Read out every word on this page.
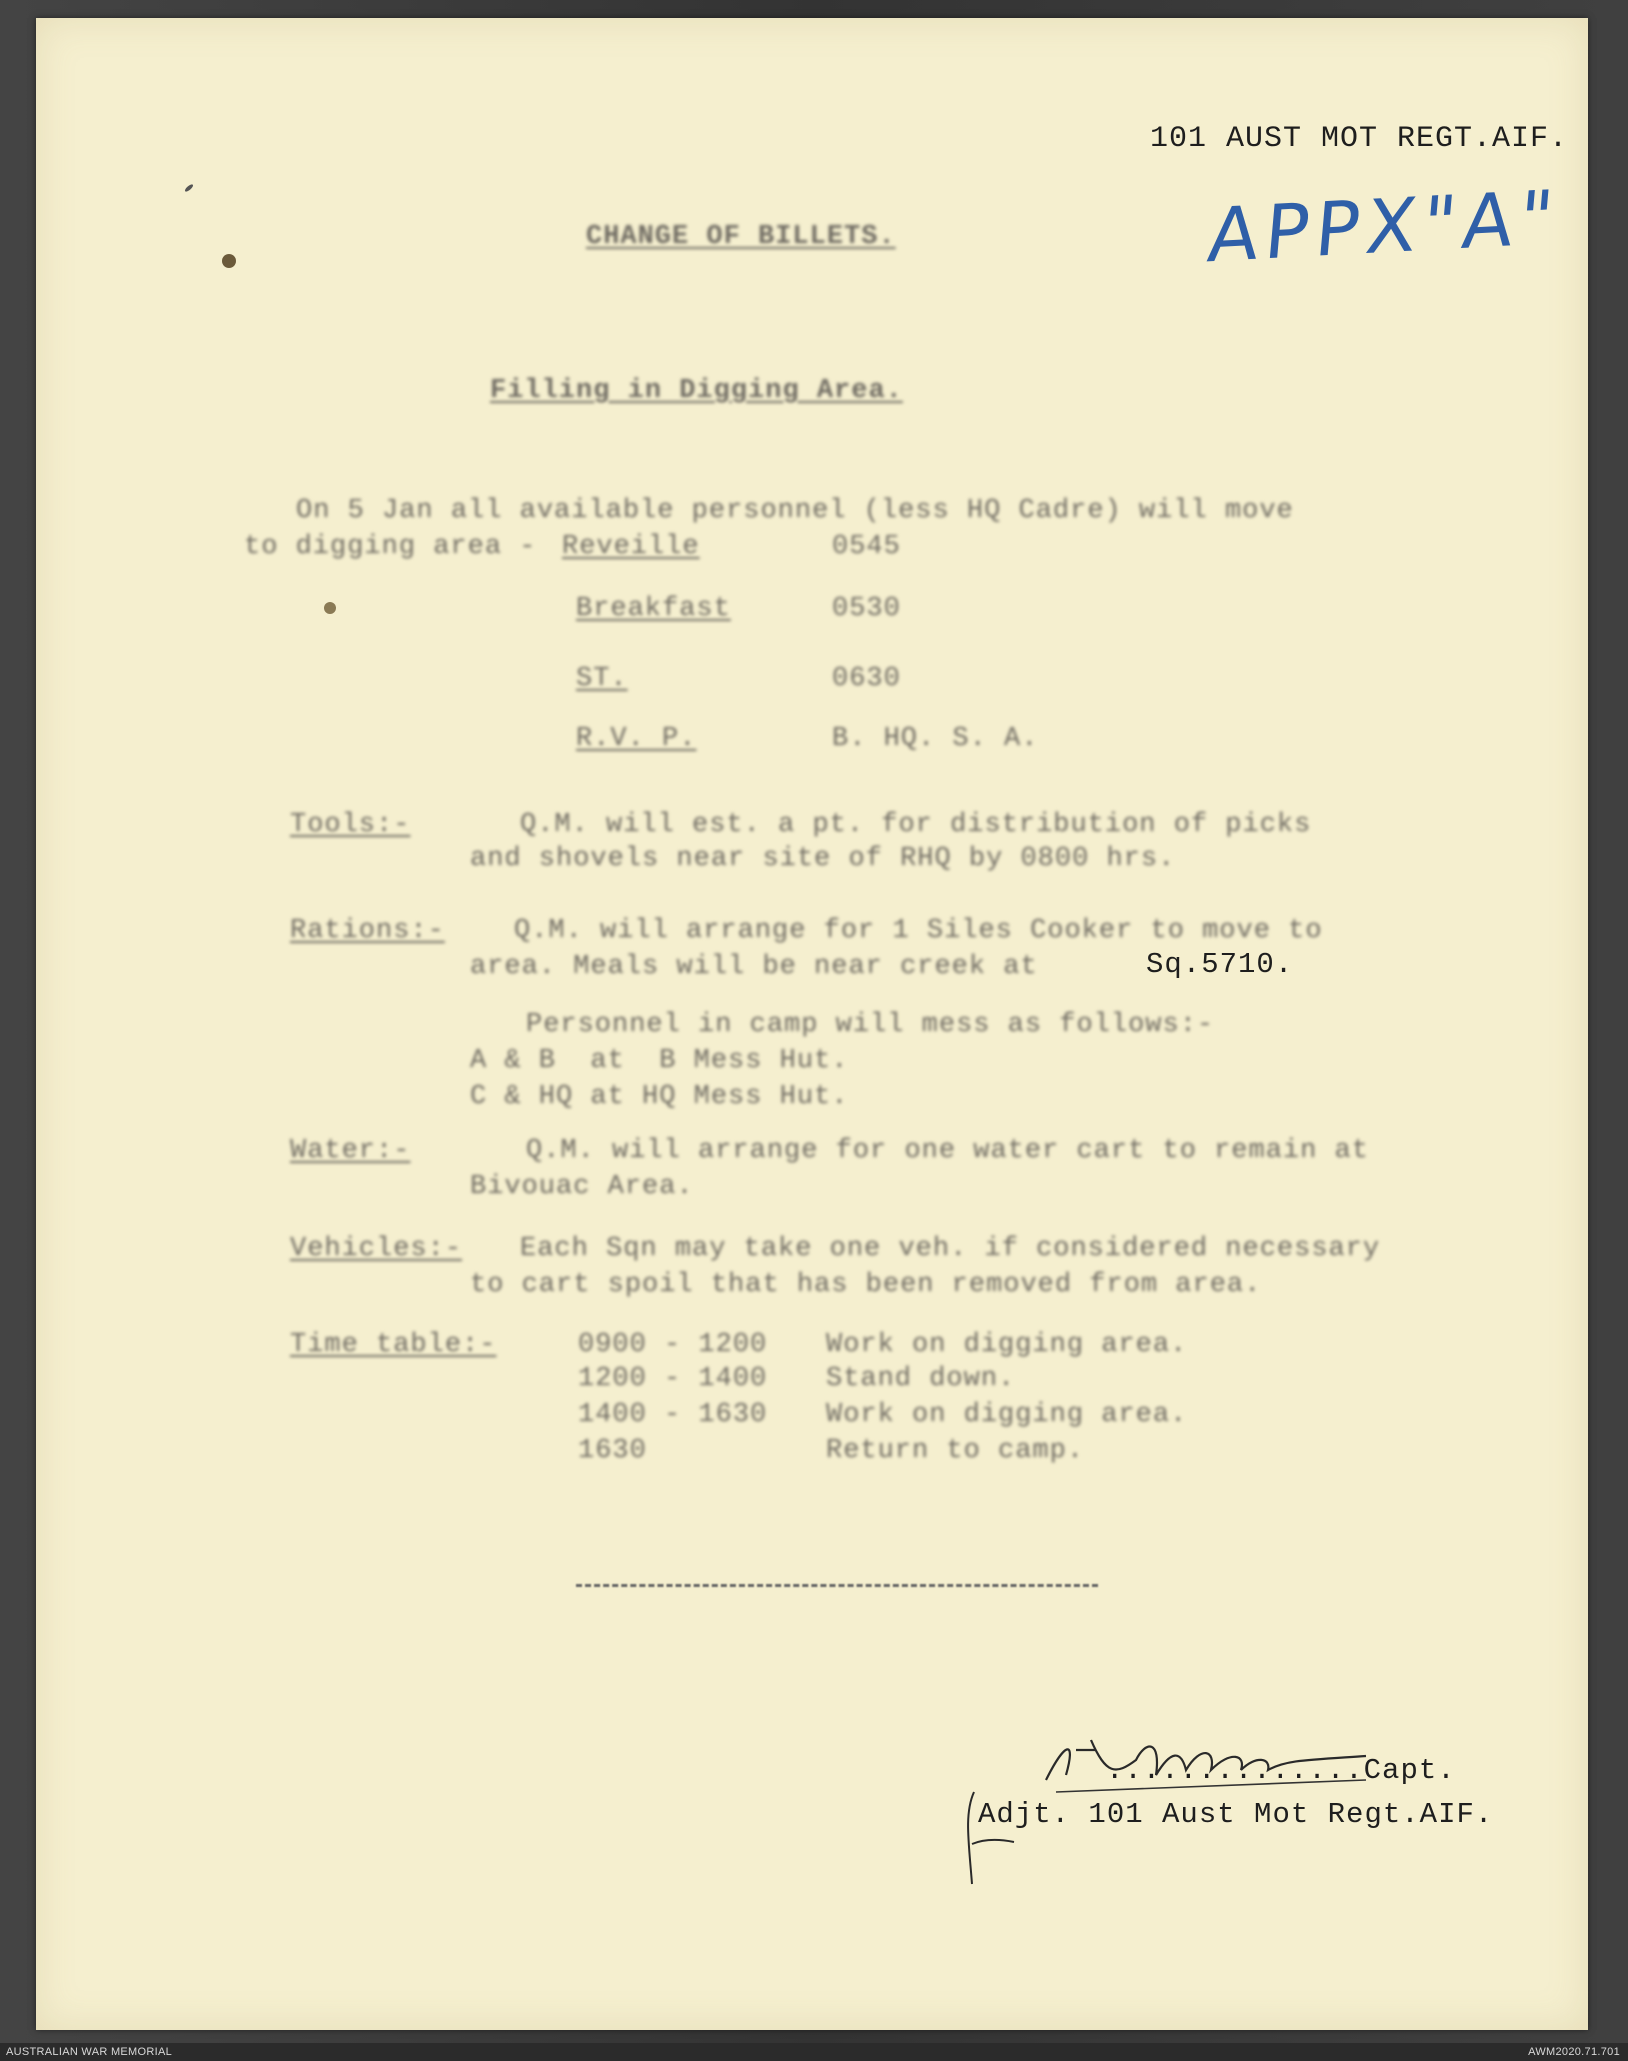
101 AUST MOT REGT.AIF.
APPX"A"
CHANGE OF BILLETS.
Filling in Digging Area.
On 5 Jan all available personnel (less HQ Cadre) will move
to digging area - Reveille	0545
Breakfast	0530
ST.	0630
R.V. P.	B. HQ. S. A.
Tools:-	Q.M. will est. a pt. for distribution of picks
and shovels near site of RHQ by 0800 hrs.
Rations:-	Q.M. will arrange for 1 Siles Cooker to move to
area. Meals will be near creek at	Sq.5710.
Personnel in camp will mess as follows:-
A & B  at  B Mess Hut.
C & HQ at HQ Mess Hut.
Water:-	Q.M. will arrange for one water cart to remain at
Bivouac Area.
Vehicles:- Each Sqn may take one veh. if considered necessary
to cart spoil that has been removed from area.
Time table:-	0900 - 1200 Work on digging area.
1200 - 1400 Stand down.
1400 - 1630 Work on digging area.
1630	Return to camp.
..............Capt.
Adjt. 101 Aust Mot Regt.AIF.
AUSTRALIAN WAR MEMORIAL	AWM2020.71.701
